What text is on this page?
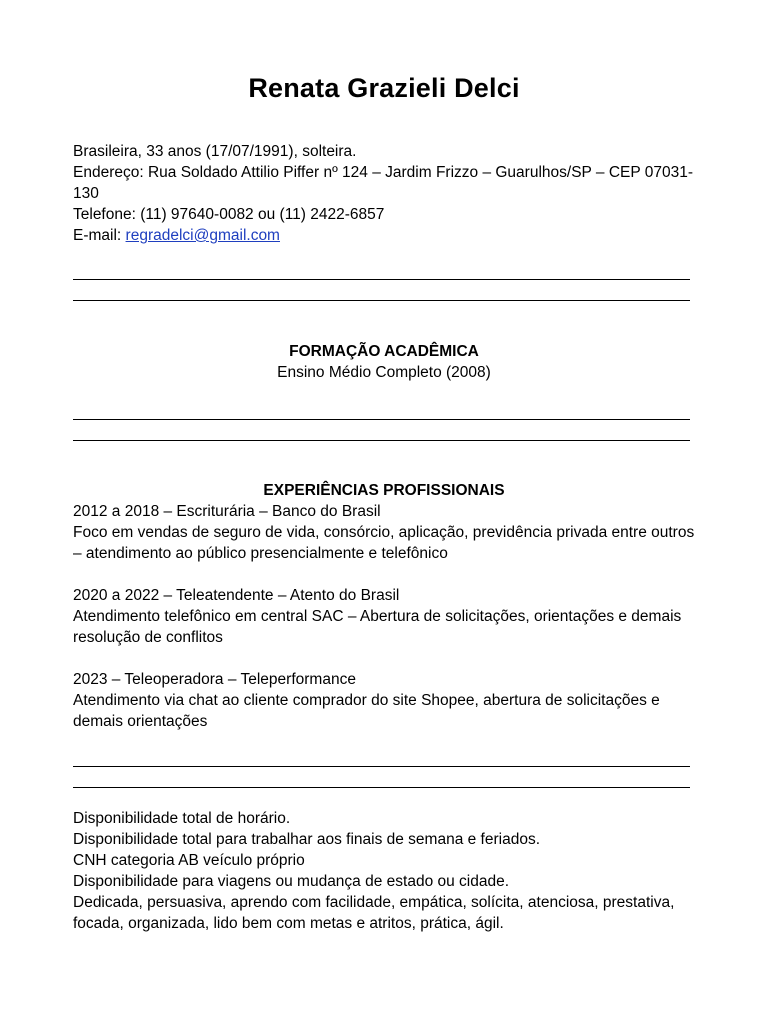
Renata Grazieli Delci
Brasileira, 33 anos (17/07/1991), solteira.
Endereço: Rua Soldado Attilio Piffer nº 124 – Jardim Frizzo – Guarulhos/SP – CEP 07031-130
Telefone: (11) 97640-0082 ou (11) 2422-6857
E-mail: regradelci@gmail.com
FORMAÇÃO ACADÊMICA
Ensino Médio Completo (2008)
EXPERIÊNCIAS PROFISSIONAIS
2012 a 2018 – Escriturária – Banco do Brasil
Foco em vendas de seguro de vida, consórcio, aplicação, previdência privada entre outros – atendimento ao público presencialmente e telefônico
2020 a 2022 – Teleatendente – Atento do Brasil
Atendimento telefônico em central SAC – Abertura de solicitações, orientações e demais resolução de conflitos
2023 – Teleoperadora – Teleperformance
Atendimento via chat ao cliente comprador do site Shopee, abertura de solicitações e demais orientações
Disponibilidade total de horário.
Disponibilidade total para trabalhar aos finais de semana e feriados.
CNH categoria AB veículo próprio
Disponibilidade para viagens ou mudança de estado ou cidade.
Dedicada, persuasiva, aprendo com facilidade, empática, solícita, atenciosa, prestativa, focada, organizada, lido bem com metas e atritos, prática, ágil.
